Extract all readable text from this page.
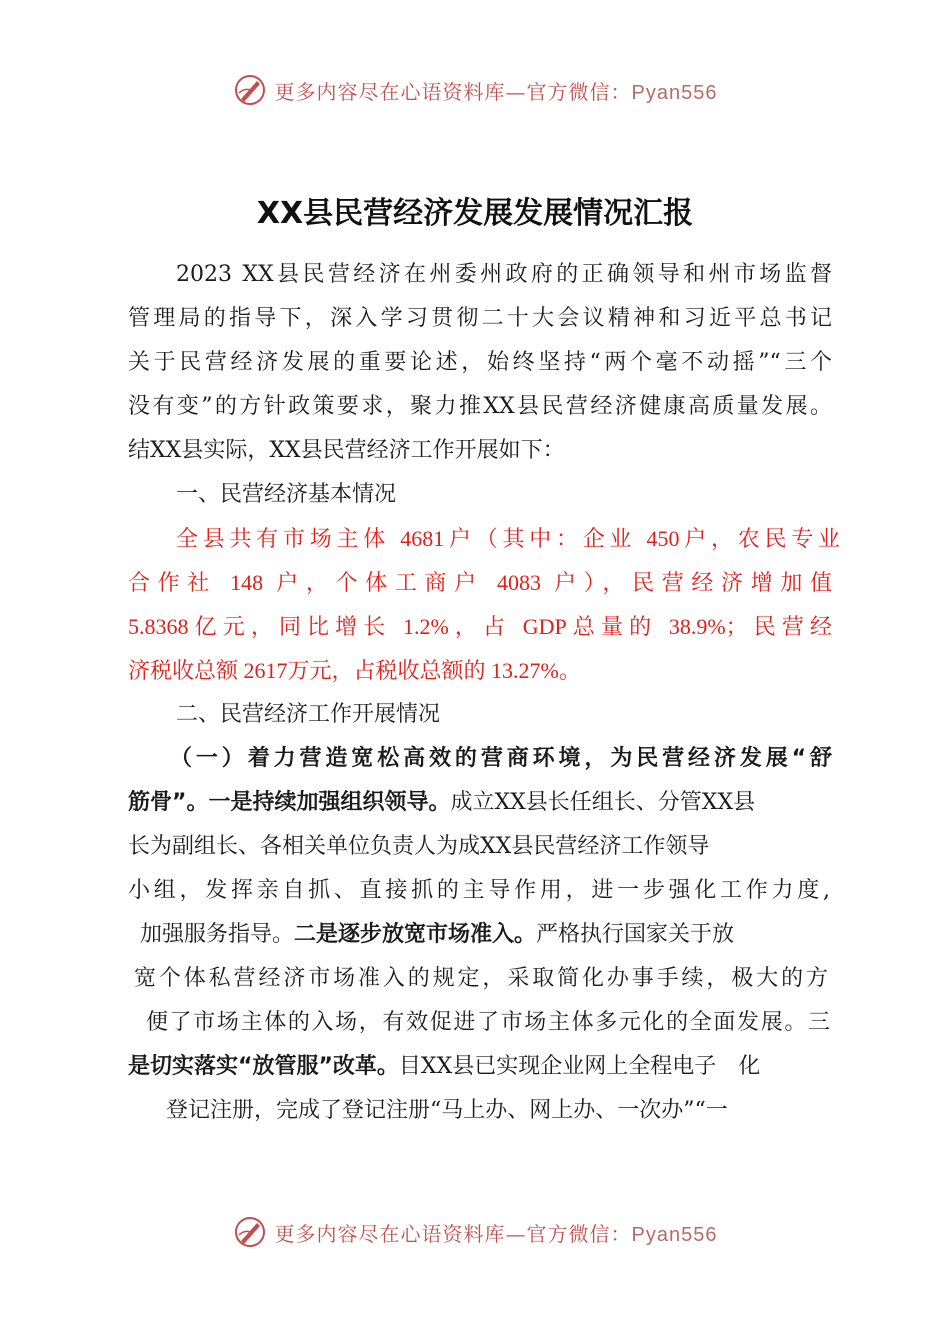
更多内容尽在心语资料库—官方微信：Pyan556
XX县民营经济发展发展情况汇报
2023 XX县民营经济在州委州政府的正确领导和州市场监督
管理局的指导下，深入学习贯彻二十大会议精神和习近平总书记
关于民营经济发展的重要论述，始终坚持“两个毫不动摇”“三个
没有变”的方针政策要求，聚力推XX县民营经济健康高质量发展。
结XX县实际，XX县民营经济工作开展如下：
一、民营经济基本情况
全县共有市场主体 4681户（其中：企业 450户，农民专业
合作社 148 户，个体工商户 4083 户），民营经济增加值
5.8368亿元，同比增长 1.2%，占 GDP总量的 38.9%；民营经
济税收总额 2617万元，占税收总额的 13.27%。
二、民营经济工作开展情况
（一）着力营造宽松高效的营商环境，为民营经济发展“舒
筋骨”。一是持续加强组织领导。成立XX县长任组长、分管XX县
长为副组长、各相关单位负责人为成XX县民营经济工作领导
小组，发挥亲自抓、直接抓的主导作用，进一步强化工作力度,
加强服务指导。二是逐步放宽市场准入。严格执行国家关于放
宽个体私营经济市场准入的规定，采取简化办事手续，极大的方
便了市场主体的入场，有效促进了市场主体多元化的全面发展。三
是切实落实“放管服”改革。目XX县已实现企业网上全程电子　化
登记注册，完成了登记注册“马上办、网上办、一次办”“一
更多内容尽在心语资料库—官方微信：Pyan556
